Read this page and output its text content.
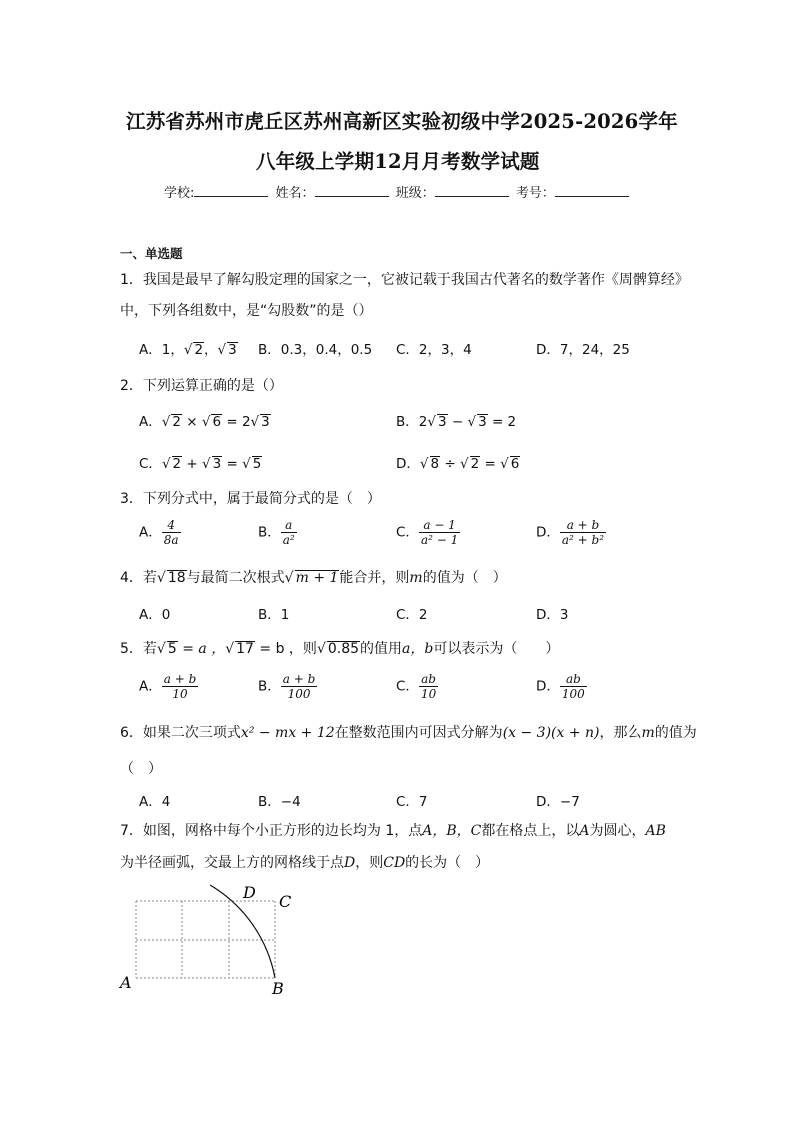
江苏省苏州市虎丘区苏州高新区实验初级中学2025-2026学年
八年级上学期12月月考数学试题
学校:	姓名：	班级：	考号：
一、单选题
1．我国是最早了解勾股定理的国家之一，它被记载于我国古代著名的数学著作《周髀算经》
中，下列各组数中，是“勾股数”的是（）
A．1，√ 2，√ 3 B．0.3，0.4，0.5 C．2，3，4	D．7，24，25
2．下列运算正确的是（）
A．√ 2 × √ 6 = 2√ 3	B．2√ 3 − √ 3 = 2
C．√ 2 + √ 3 = √ 5	D．√ 8 ÷ √ 2 = √ 6
3．下列分式中，属于最简分式的是（　）
A． $\frac{4}{8a}$	B． $\frac{a}{\text{a²}}$	C． $\frac{a - 1}{\text{a² − 1}}$	D． $\frac{a + b}{\text{a² + b²}}$
4．若√ 18与最简二次根式√ m + 1能合并，则m的值为（　）
A．0	B．1	C．2	D．3
5．若√ 5 = a ，√ 17 = b ，则√ 0.85的值用a，b可以表示为（　　）
A． $\frac{a + b}{10}$	B． $\frac{a + b}{100}$	C． $\frac{ab}{10}$	D． $\frac{ab}{100}$
6．如果二次三项式x² − mx + 12在整数范围内可因式分解为(x − 3)(x + n)，那么m的值为
（　）
A．4	B．−4	C．7	D．−7
7．如图，网格中每个小正方形的边长均为 1，点A，B，C都在格点上，以A为圆心，AB
为半径画弧，交最上方的网格线于点D，则CD的长为（　）
A	B
C
D
